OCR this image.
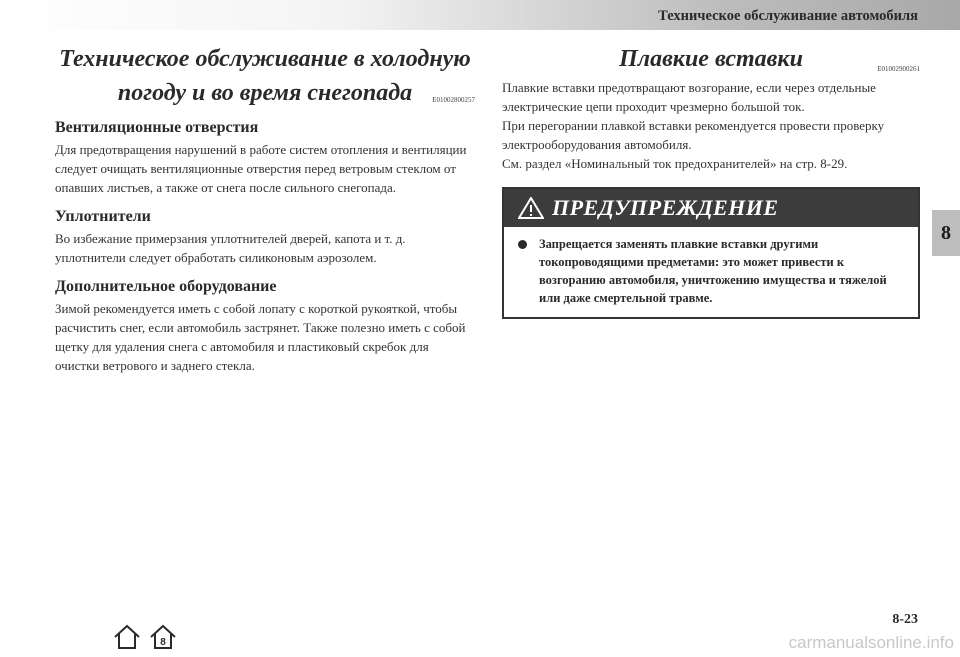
Техническое обслуживание автомобиля
8
Техническое обслуживание в холодную
погоду и во время снегопада	E01002800257
Вентиляционные отверстия

Для предотвращения нарушений в работе систем отопления и вентиляции следует очищать вентиляционные отверстия перед ветровым стеклом от опавших листьев, а также от снега после сильного снегопада.

Уплотнители

Во избежание примерзания уплотнителей дверей, капота и т. д. уплотнители следует обработать силиконовым аэрозолем.

Дополнительное оборудование

Зимой рекомендуется иметь с собой лопату с короткой рукояткой, чтобы расчистить снег, если автомобиль застрянет. Также полезно иметь с собой щетку для удаления снега с автомобиля и пластиковый скребок для очистки ветрового и заднего стекла.

Плавкие вставки	E01002900261

Плавкие вставки предотвращают возгорание, если через отдельные электрические цепи проходит чрезмерно большой ток.

При перегорании плавкой вставки рекомендуется провести проверку электрооборудования автомобиля.

См. раздел «Номинальный ток предохранителей» на стр. 8-29.

ПРЕДУПРЕЖДЕНИЕ
Запрещается заменять плавкие вставки другими токопроводящими предметами: это может привести к возгоранию автомобиля, уничтожению имущества и тяжелой или даже смертельной травме.
8
8-23
carmanualsonline.info
